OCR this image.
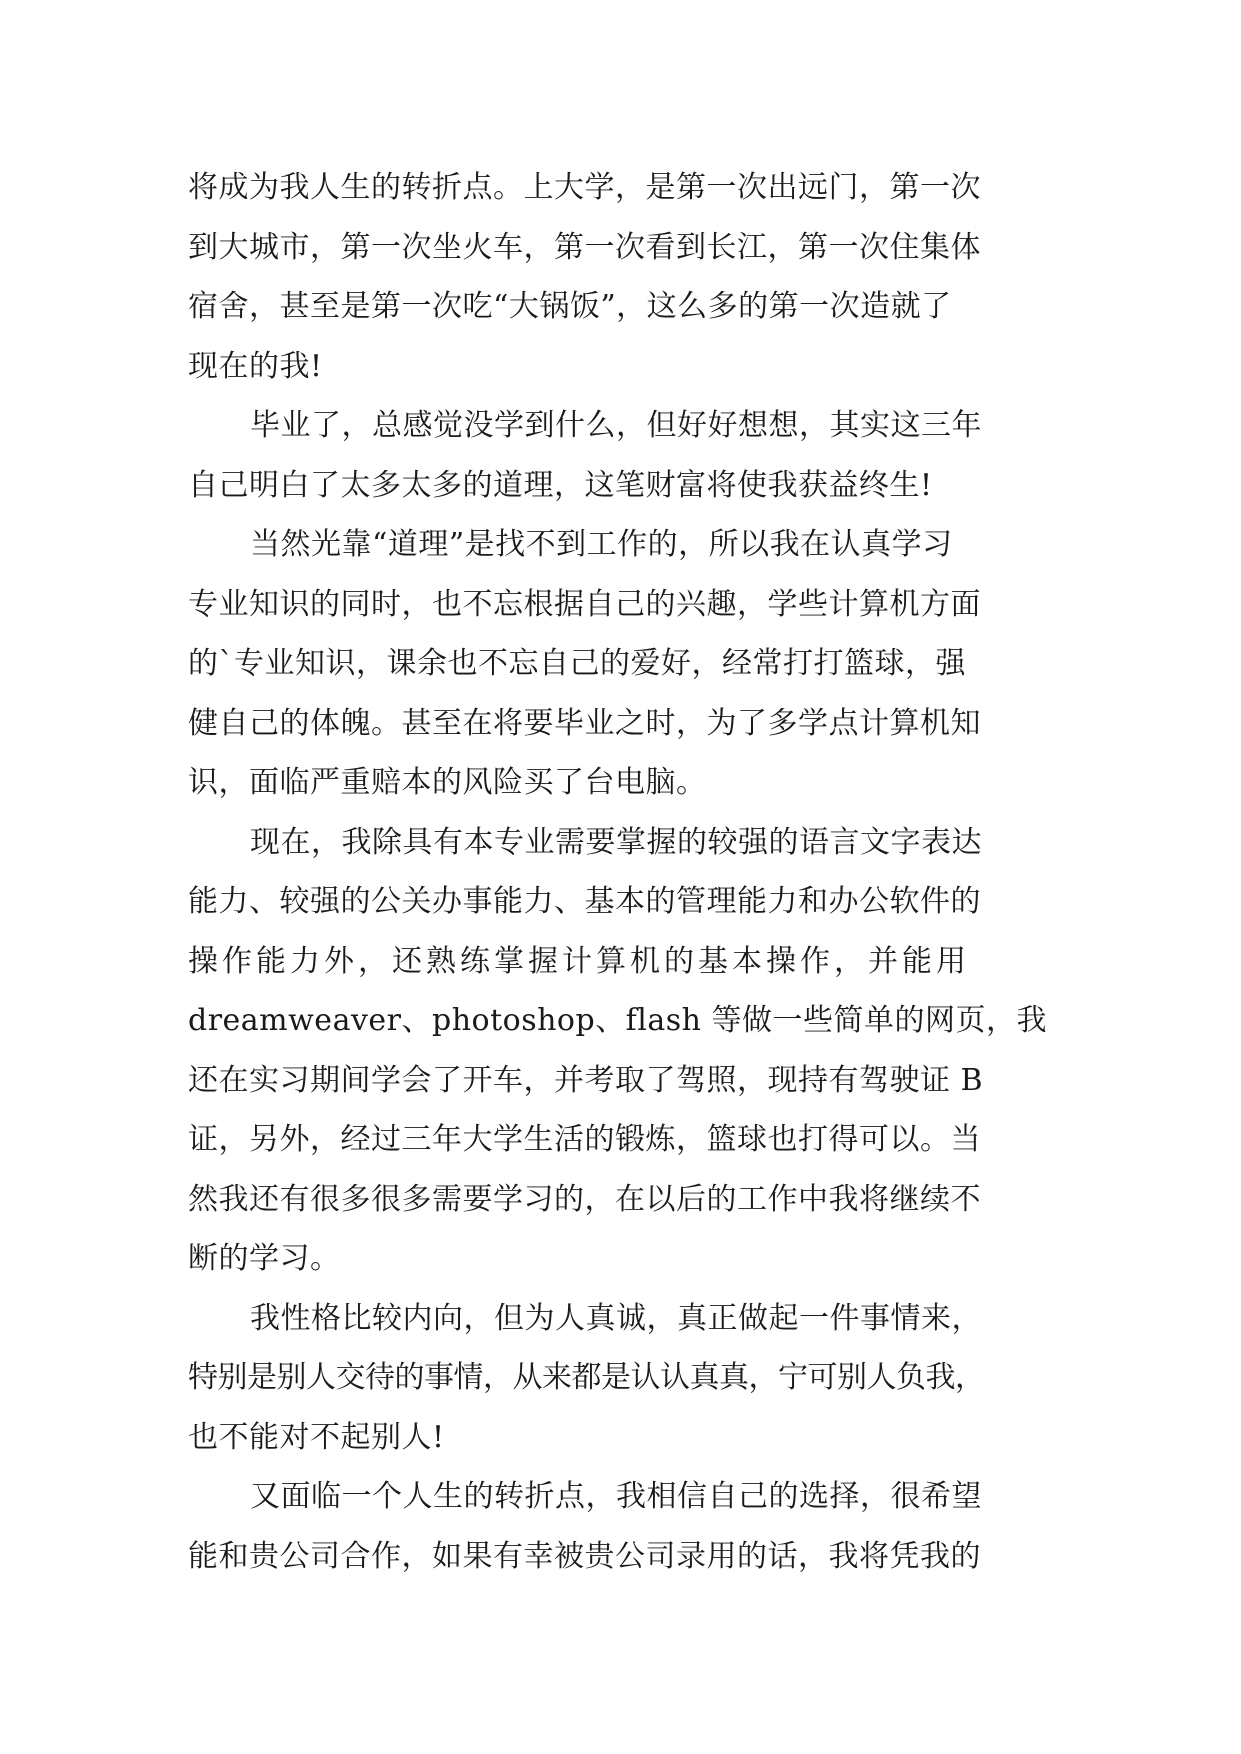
将成为我人生的转折点。上大学，是第一次出远门，第一次
到大城市，第一次坐火车，第一次看到长江，第一次住集体
宿舍，甚至是第一次吃“大锅饭”，这么多的第一次造就了
现在的我!
毕业了，总感觉没学到什么，但好好想想，其实这三年
自己明白了太多太多的道理，这笔财富将使我获益终生!
当然光靠“道理”是找不到工作的，所以我在认真学习
专业知识的同时，也不忘根据自己的兴趣，学些计算机方面
的`专业知识，课余也不忘自己的爱好，经常打打篮球，强
健自己的体魄。甚至在将要毕业之时，为了多学点计算机知
识，面临严重赔本的风险买了台电脑。
现在，我除具有本专业需要掌握的较强的语言文字表达
能力、较强的公关办事能力、基本的管理能力和办公软件的
操作能力外，还熟练掌握计算机的基本操作，并能用
dreamweaver、photoshop、flash 等做一些简单的网页，我
还在实习期间学会了开车，并考取了驾照，现持有驾驶证 B
证，另外，经过三年大学生活的锻炼，篮球也打得可以。当
然我还有很多很多需要学习的，在以后的工作中我将继续不
断的学习。
我性格比较内向，但为人真诚，真正做起一件事情来，
特别是别人交待的事情，从来都是认认真真，宁可别人负我，
也不能对不起别人!
又面临一个人生的转折点，我相信自己的选择，很希望
能和贵公司合作，如果有幸被贵公司录用的话，我将凭我的
